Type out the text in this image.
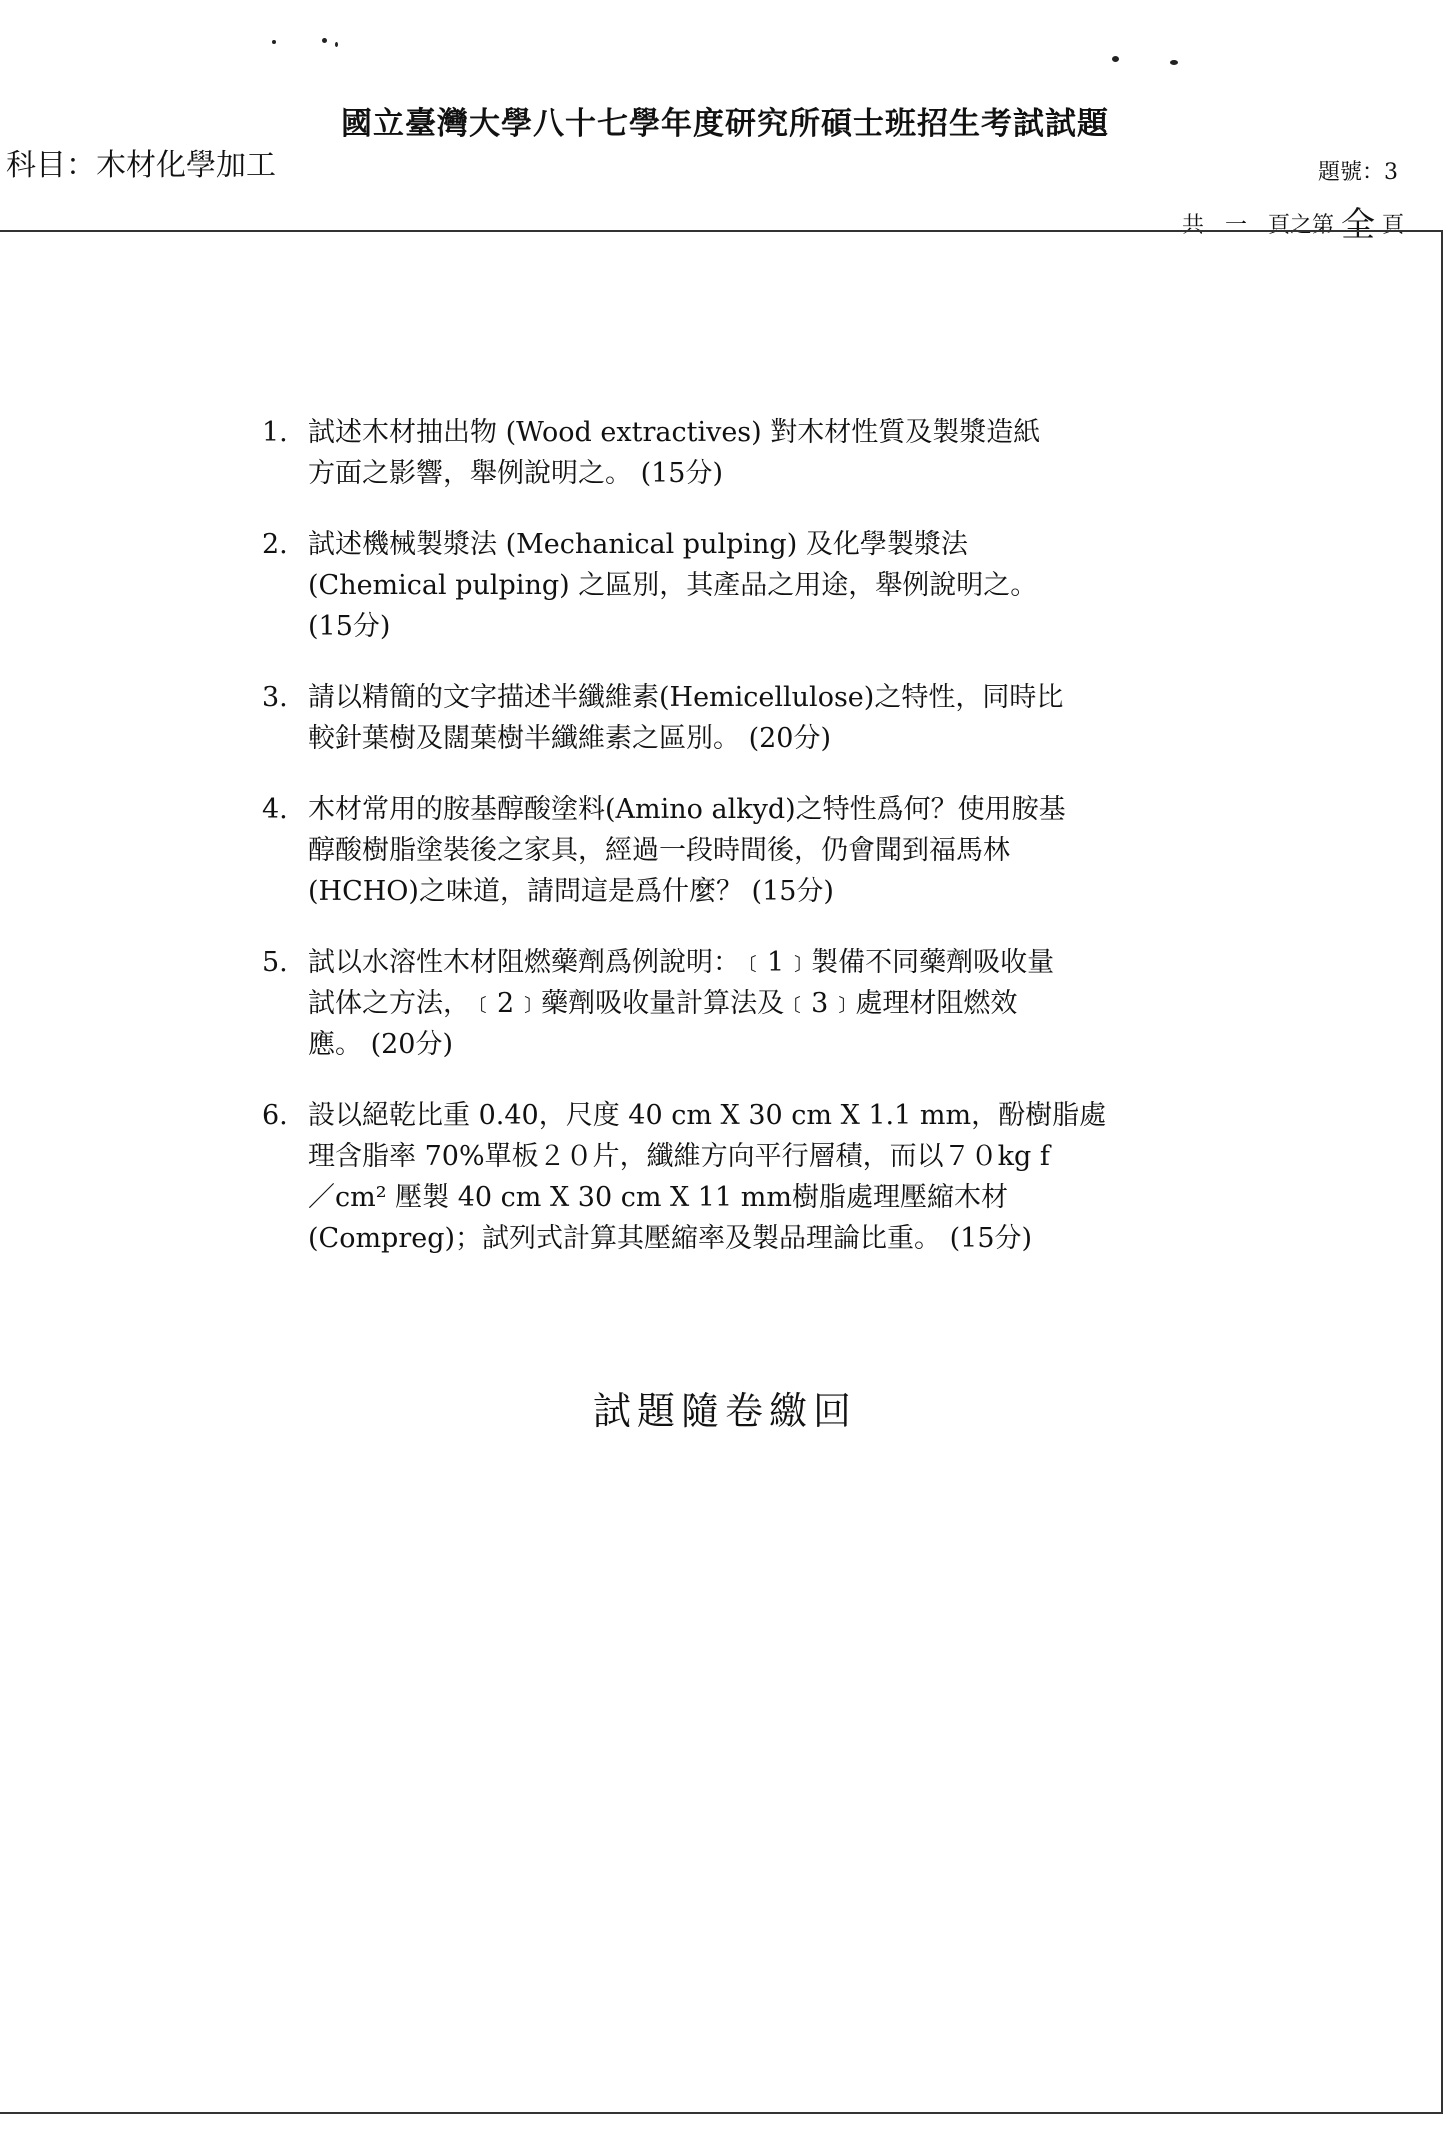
國立臺灣大學八十七學年度研究所碩士班招生考試試題
科目：木材化學加工	題號：3
共 一 頁之第 全 頁
1. 試述木材抽出物 (Wood extractives) 對木材性質及製漿造紙
方面之影響，舉例說明之。 (15分)
2. 試述機械製漿法 (Mechanical pulping) 及化學製漿法
(Chemical pulping) 之區別，其產品之用途，舉例說明之。
(15分)
3. 請以精簡的文字描述半纖維素(Hemicellulose)之特性，同時比
較針葉樹及闊葉樹半纖維素之區別。 (20分)
4. 木材常用的胺基醇酸塗料(Amino alkyd)之特性爲何？使用胺基
醇酸樹脂塗裝後之家具，經過一段時間後，仍會聞到福馬林
(HCHO)之味道，請問這是爲什麼？ (15分)
5. 試以水溶性木材阻燃藥劑爲例說明：﹝1﹞製備不同藥劑吸收量
試体之方法，﹝2﹞藥劑吸收量計算法及﹝3﹞處理材阻燃效
應。 (20分)
6. 設以絕乾比重 0.40，尺度 40 cm X 30 cm X 1.1 mm，酚樹脂處
理含脂率 70%單板２０片，纖維方向平行層積，而以７０kg f
／cm² 壓製 40 cm X 30 cm X 11 mm樹脂處理壓縮木材
(Compreg)；試列式計算其壓縮率及製品理論比重。 (15分)
試題隨卷繳回
